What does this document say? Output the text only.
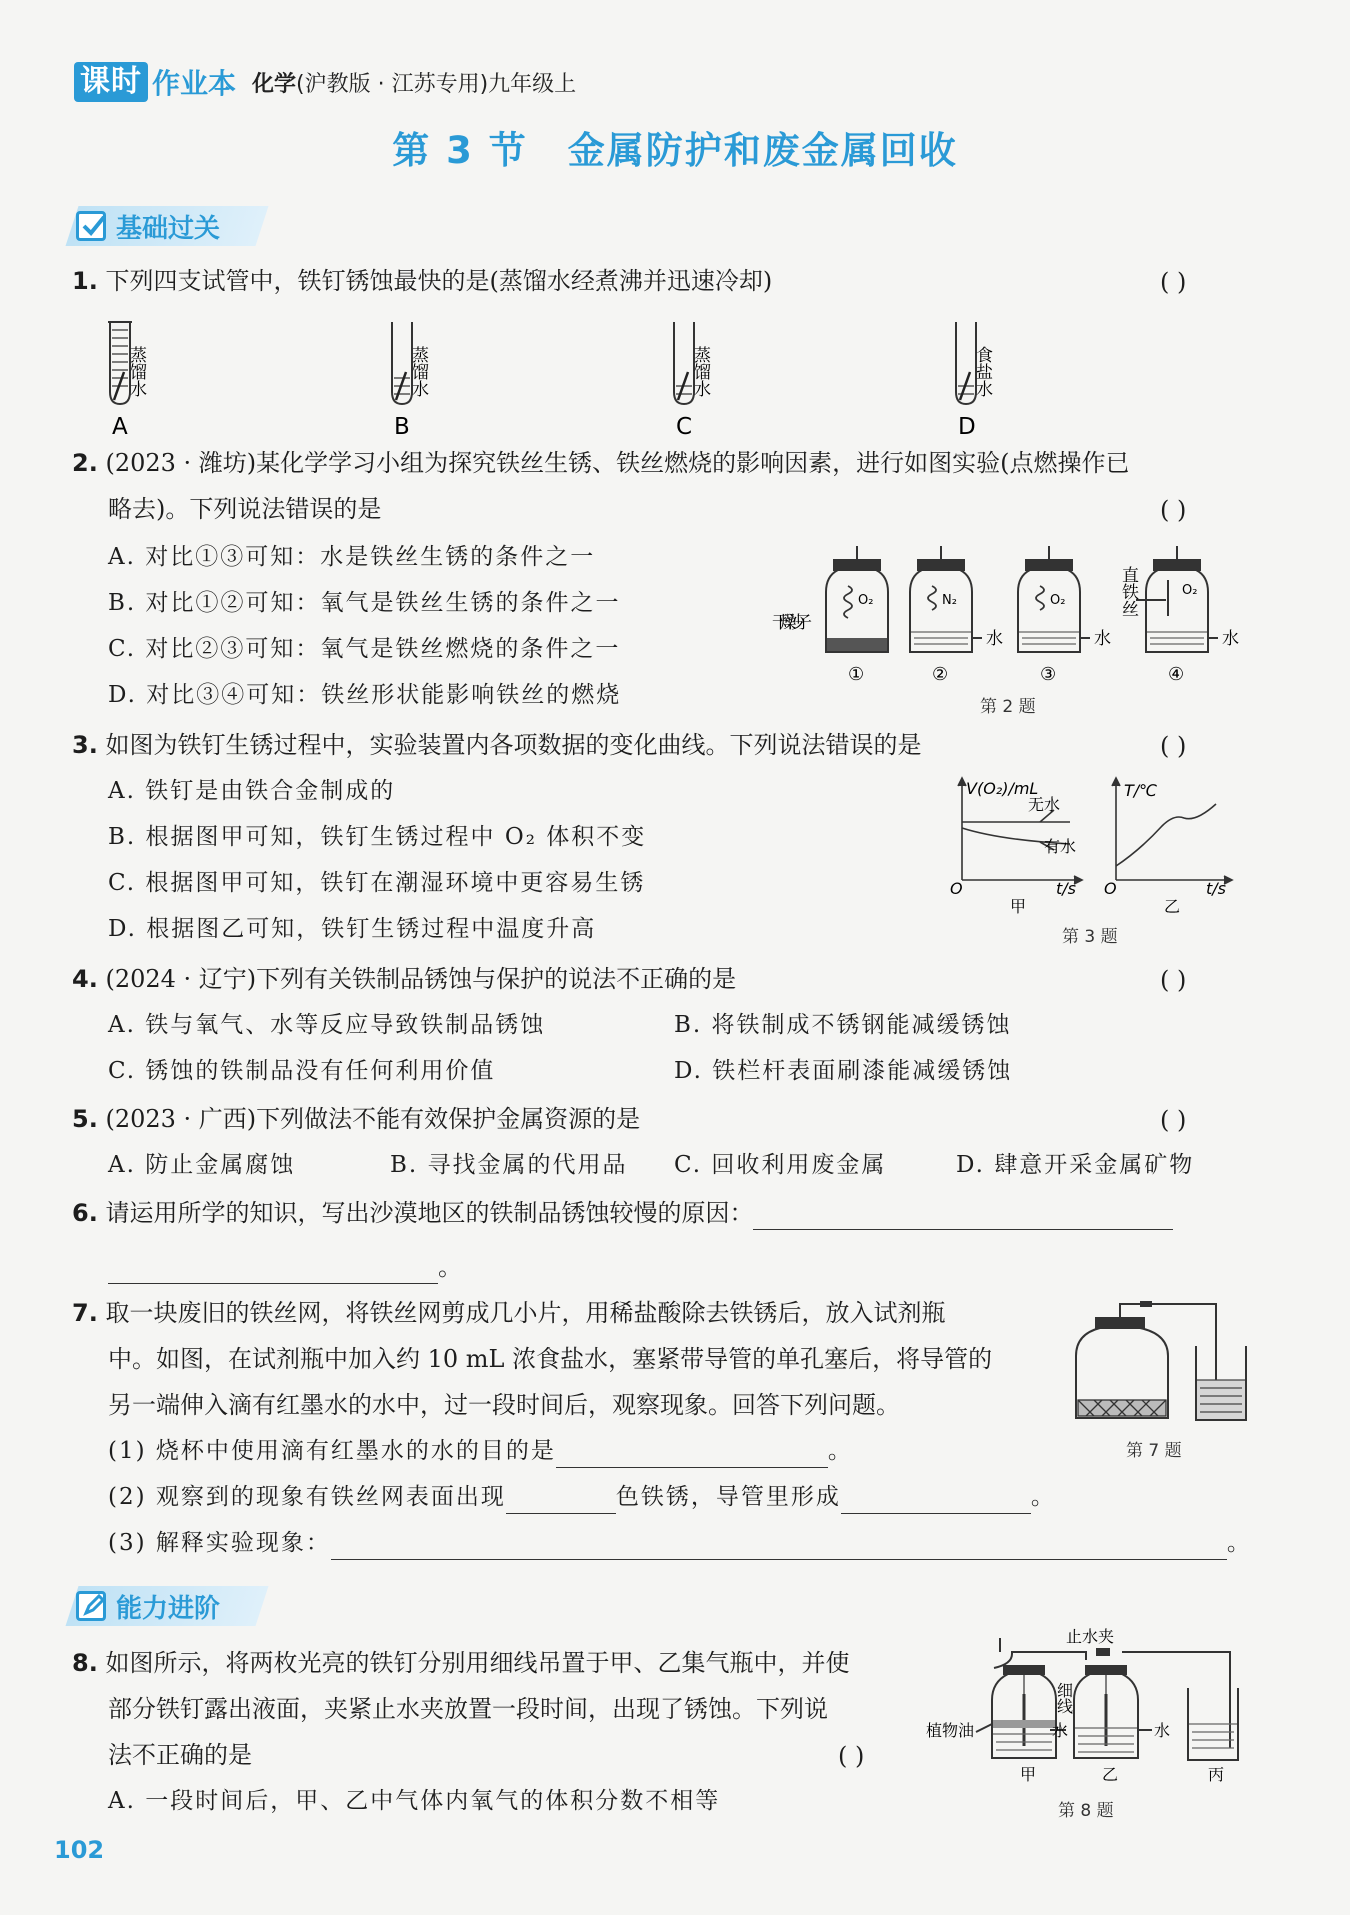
课时 作业本 化学(沪教版 · 江苏专用)九年级上
第 3 节 金属防护和废金属回收
基础过关
1. 下列四支试管中，铁钉锈蚀最快的是(蒸馏水经煮沸并迅速冷却)	( )
蒸馏水	蒸馏水	蒸馏水	食盐水
A	B	C	D
2. (2023 · 潍坊)某化学学习小组为探究铁丝生锈、铁丝燃烧的影响因素，进行如图实验(点燃操作已
略去)。下列说法错误的是	( )
A. 对比①③可知：水是铁丝生锈的条件之一
B. 对比①②可知：氧气是铁丝生锈的条件之一
C. 对比②③可知：氧气是铁丝燃烧的条件之一
D. 对比③④可知：铁丝形状能影响铁丝的燃烧
O₂	N₂	O₂
O₂
干燥沙子
水	水	水
直铁丝
①	②	③	④
第 2 题
3. 如图为铁钉生锈过程中，实验装置内各项数据的变化曲线。下列说法错误的是	( )
A. 铁钉是由铁合金制成的
B. 根据图甲可知，铁钉生锈过程中 O₂ 体积不变
C. 根据图甲可知，铁钉在潮湿环境中更容易生锈
D. 根据图乙可知，铁钉生锈过程中温度升高
V(O₂)/mL
无水
有水
O	t/s
甲
T/℃
O	t/s
乙
第 3 题
4. (2024 · 辽宁)下列有关铁制品锈蚀与保护的说法不正确的是	( )
A. 铁与氧气、水等反应导致铁制品锈蚀	B. 将铁制成不锈钢能减缓锈蚀
C. 锈蚀的铁制品没有任何利用价值	D. 铁栏杆表面刷漆能减缓锈蚀
5. (2023 · 广西)下列做法不能有效保护金属资源的是	( )
A. 防止金属腐蚀	B. 寻找金属的代用品 C. 回收利用废金属	D. 肆意开采金属矿物
6. 请运用所学的知识，写出沙漠地区的铁制品锈蚀较慢的原因：
。
7. 取一块废旧的铁丝网，将铁丝网剪成几小片，用稀盐酸除去铁锈后，放入试剂瓶
中。如图，在试剂瓶中加入约 10 mL 浓食盐水，塞紧带导管的单孔塞后，将导管的
另一端伸入滴有红墨水的水中，过一段时间后，观察现象。回答下列问题。
(1) 烧杯中使用滴有红墨水的水的目的是	。
(2) 观察到的现象有铁丝网表面出现	色铁锈，导管里形成	。
(3) 解释实验现象：	。
第 7 题
能力进阶
8. 如图所示，将两枚光亮的铁钉分别用细线吊置于甲、乙集气瓶中，并使
部分铁钉露出液面，夹紧止水夹放置一段时间，出现了锈蚀。下列说
法不正确的是	( )
A. 一段时间后，甲、乙中气体内氧气的体积分数不相等
止水夹
细线
植物油	水	水
甲	乙	丙
第 8 题
102
